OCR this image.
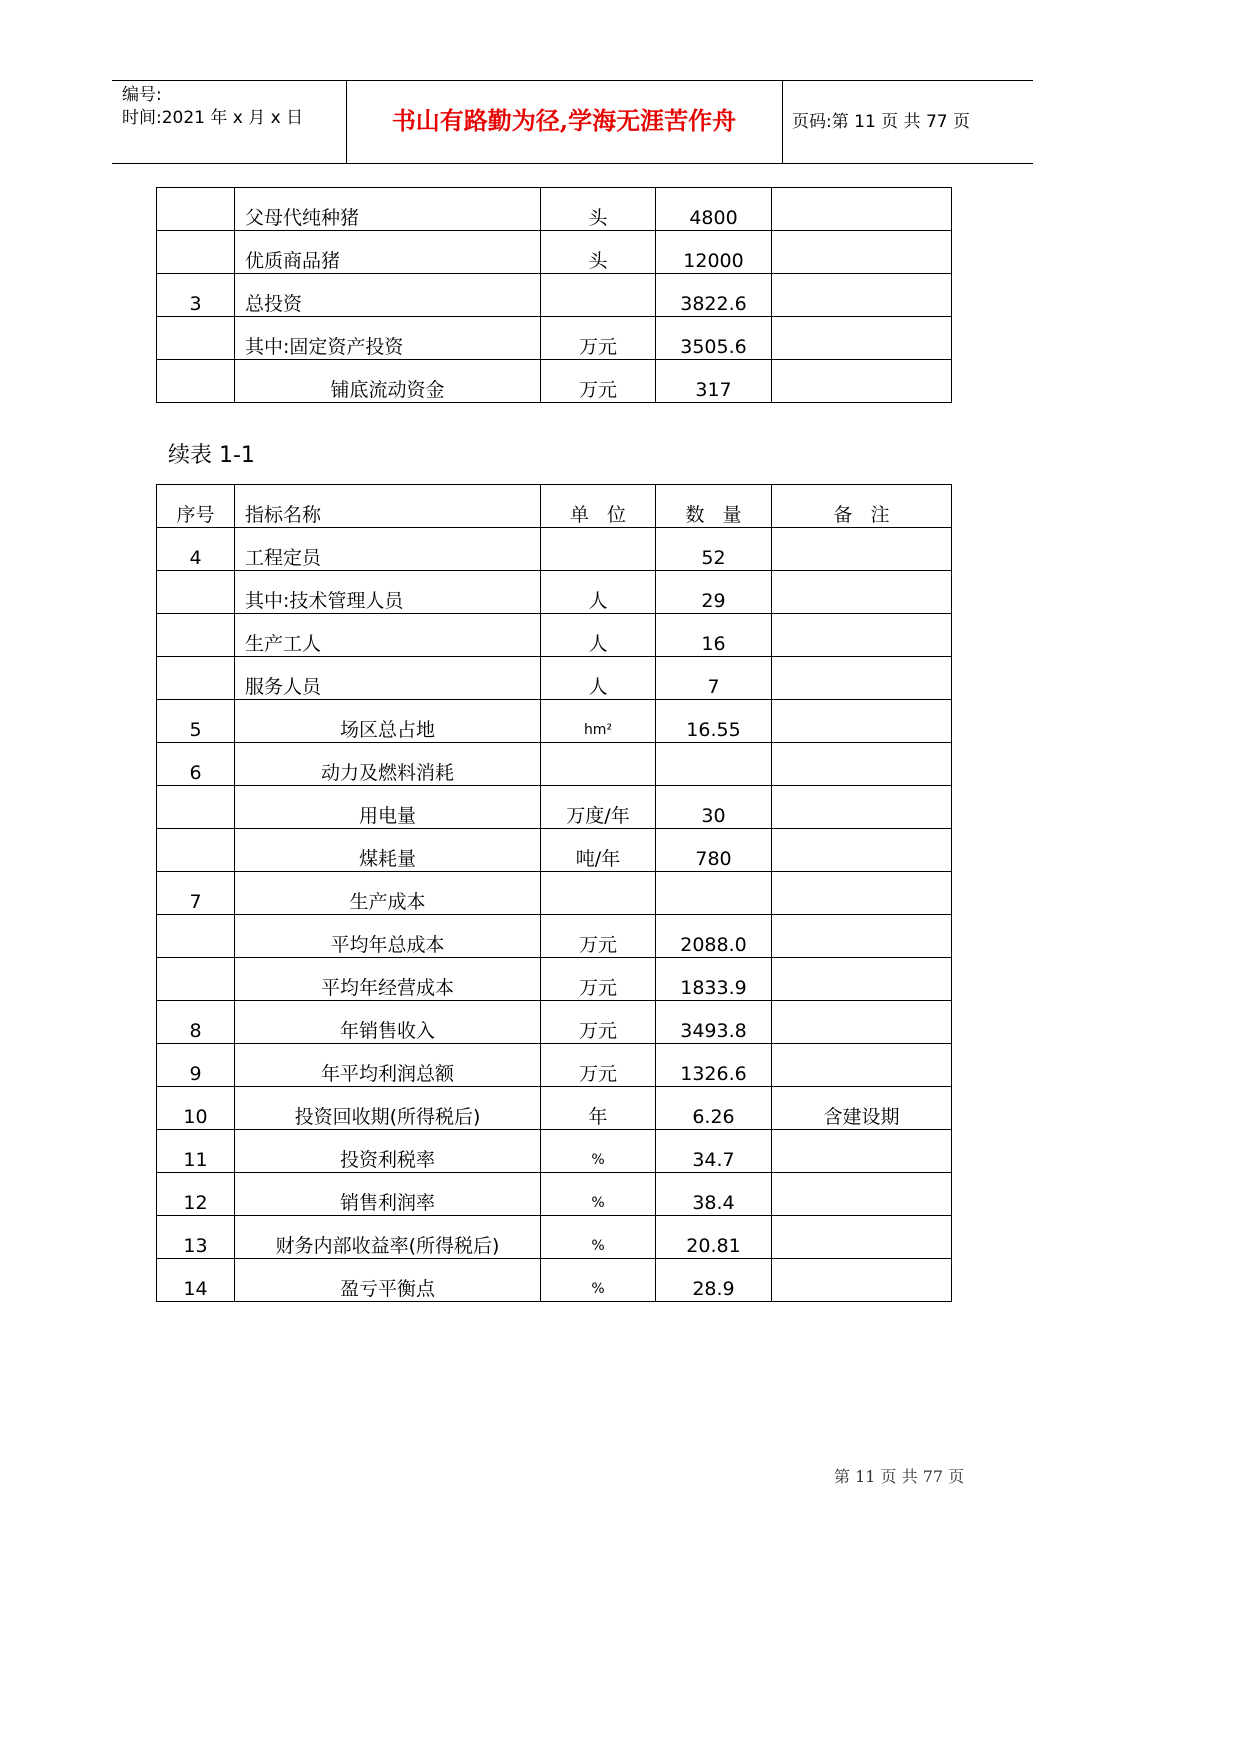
编号:
时间:2021 年 x 月 x 日	书山有路勤为径,学海无涯苦作舟	页码:第 11 页 共 77 页
	父母代纯种猪	头	4800	
	优质商品猪	头	12000	
3	总投资		3822.6	
	其中:固定资产投资	万元	3505.6	
	铺底流动资金	万元	317	
续表 1-1
序号	指标名称	单   位	数   量	备   注
4	工程定员		52	
	其中:技术管理人员	人	29	
	生产工人	人	16	
	服务人员	人	7	
5	场区总占地	hm²	16.55	
6	动力及燃料消耗			
	用电量	万度/年	30	
	煤耗量	吨/年	780	
7	生产成本			
	平均年总成本	万元	2088.0	
	平均年经营成本	万元	1833.9	
8	年销售收入	万元	3493.8	
9	年平均利润总额	万元	1326.6	
10	投资回收期(所得税后)	年	6.26	含建设期
11	投资利税率	%	34.7	
12	销售利润率	%	38.4	
13	财务内部收益率(所得税后)	%	20.81	
14	盈亏平衡点	%	28.9	
第 11 页 共 77 页
